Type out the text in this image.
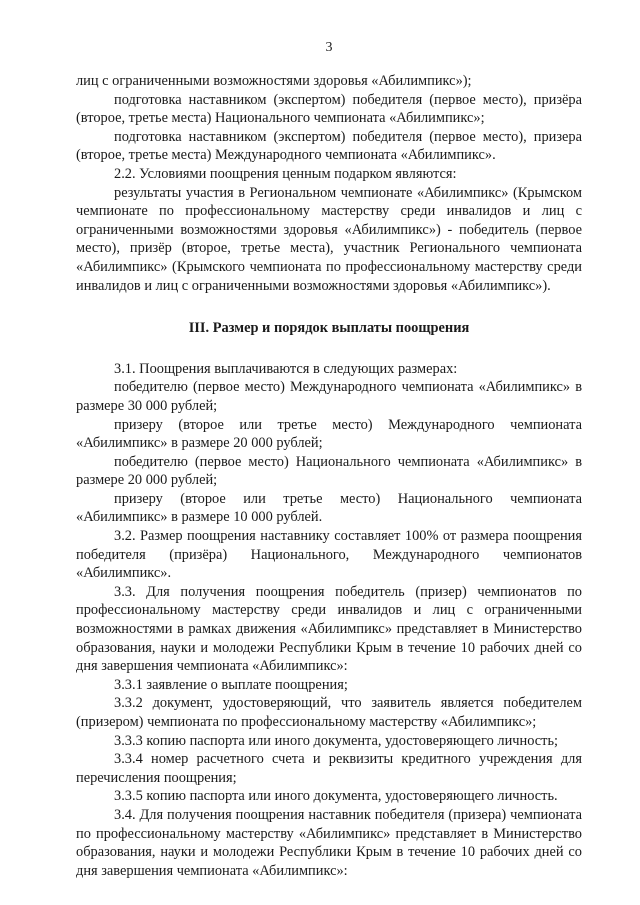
3

лиц с ограниченными возможностями здоровья «Абилимпикс»);

подготовка наставником (экспертом) победителя (первое место), призёра (второе, третье места) Национального чемпионата «Абилимпикс»;

подготовка наставником (экспертом) победителя (первое место), призера (второе, третье места) Международного чемпионата «Абилимпикс».

2.2. Условиями поощрения ценным подарком являются:

результаты участия в Региональном чемпионате «Абилимпикс» (Крымском чемпионате по профессиональному мастерству среди инвалидов и лиц с ограниченными возможностями здоровья «Абилимпикс») - победитель (первое место), призёр (второе, третье места), участник Регионального чемпионата «Абилимпикс» (Крымского чемпионата по профессиональному мастерству среди инвалидов и лиц с ограниченными возможностями здоровья «Абилимпикс»).

III. Размер и порядок выплаты поощрения

3.1. Поощрения выплачиваются в следующих размерах:

победителю (первое место) Международного чемпионата «Абилимпикс» в размере 30 000 рублей;

призеру (второе или третье место) Международного чемпионата «Абилимпикс» в размере 20 000 рублей;

победителю (первое место) Национального чемпионата «Абилимпикс» в размере 20 000 рублей;

призеру (второе или третье место) Национального чемпионата «Абилимпикс» в размере 10 000 рублей.

3.2. Размер поощрения наставнику составляет 100% от размера поощрения победителя (призёра) Национального, Международного чемпионатов «Абилимпикс».

3.3. Для получения поощрения победитель (призер) чемпионатов по профессиональному мастерству среди инвалидов и лиц с ограниченными возможностями в рамках движения «Абилимпикс» представляет в Министерство образования, науки и молодежи Республики Крым в течение 10 рабочих дней со дня завершения чемпионата «Абилимпикс»:

3.3.1 заявление о выплате поощрения;

3.3.2 документ, удостоверяющий, что заявитель является победителем (призером) чемпионата по профессиональному мастерству «Абилимпикс»;

3.3.3 копию паспорта или иного документа, удостоверяющего личность;

3.3.4 номер расчетного счета и реквизиты кредитного учреждения для перечисления поощрения;

3.3.5 копию паспорта или иного документа, удостоверяющего личность.

3.4. Для получения поощрения наставник победителя (призера) чемпионата по профессиональному мастерству «Абилимпикс» представляет в Министерство образования, науки и молодежи Республики Крым в течение 10 рабочих дней со дня завершения чемпионата «Абилимпикс»:
